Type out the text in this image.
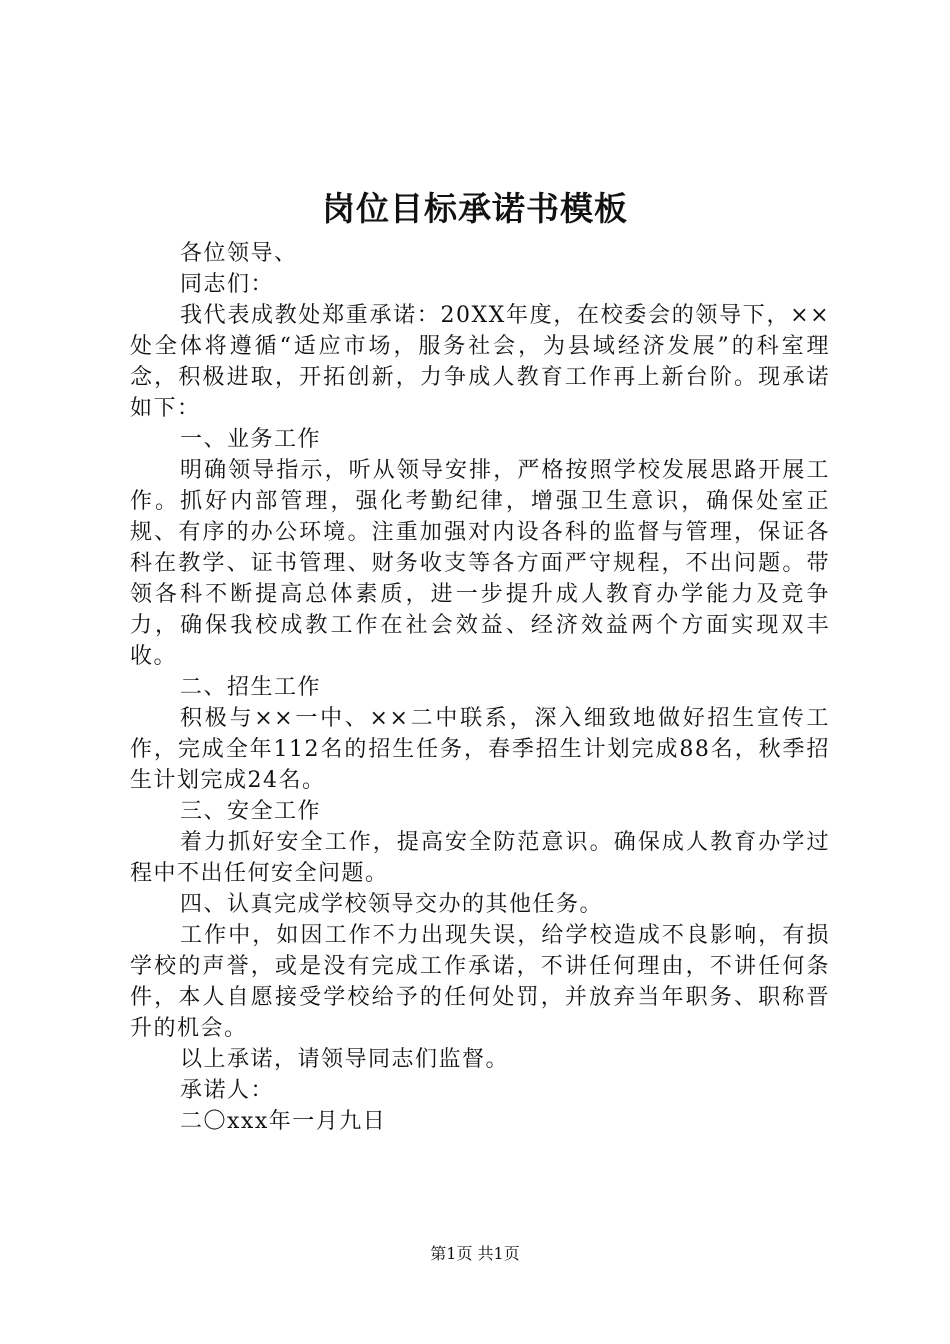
岗位目标承诺书模板

各位领导、

同志们：

我代表成教处郑重承诺：20XX年度，在校委会的领导下，××处全体将遵循“适应市场，服务社会，为县域经济发展”的科室理念，积极进取，开拓创新，力争成人教育工作再上新台阶。现承诺如下：

一、业务工作

明确领导指示，听从领导安排，严格按照学校发展思路开展工作。抓好内部管理，强化考勤纪律，增强卫生意识，确保处室正规、有序的办公环境。注重加强对内设各科的监督与管理，保证各科在教学、证书管理、财务收支等各方面严守规程，不出问题。带领各科不断提高总体素质，进一步提升成人教育办学能力及竞争力，确保我校成教工作在社会效益、经济效益两个方面实现双丰收。

二、招生工作

积极与××一中、××二中联系，深入细致地做好招生宣传工作，完成全年112名的招生任务，春季招生计划完成88名，秋季招生计划完成24名。

三、安全工作

着力抓好安全工作，提高安全防范意识。确保成人教育办学过程中不出任何安全问题。

四、认真完成学校领导交办的其他任务。

工作中，如因工作不力出现失误，给学校造成不良影响，有损学校的声誉，或是没有完成工作承诺，不讲任何理由，不讲任何条件，本人自愿接受学校给予的任何处罚，并放弃当年职务、职称晋升的机会。

以上承诺，请领导同志们监督。

承诺人：

二〇xxx年一月九日

第1页 共1页
